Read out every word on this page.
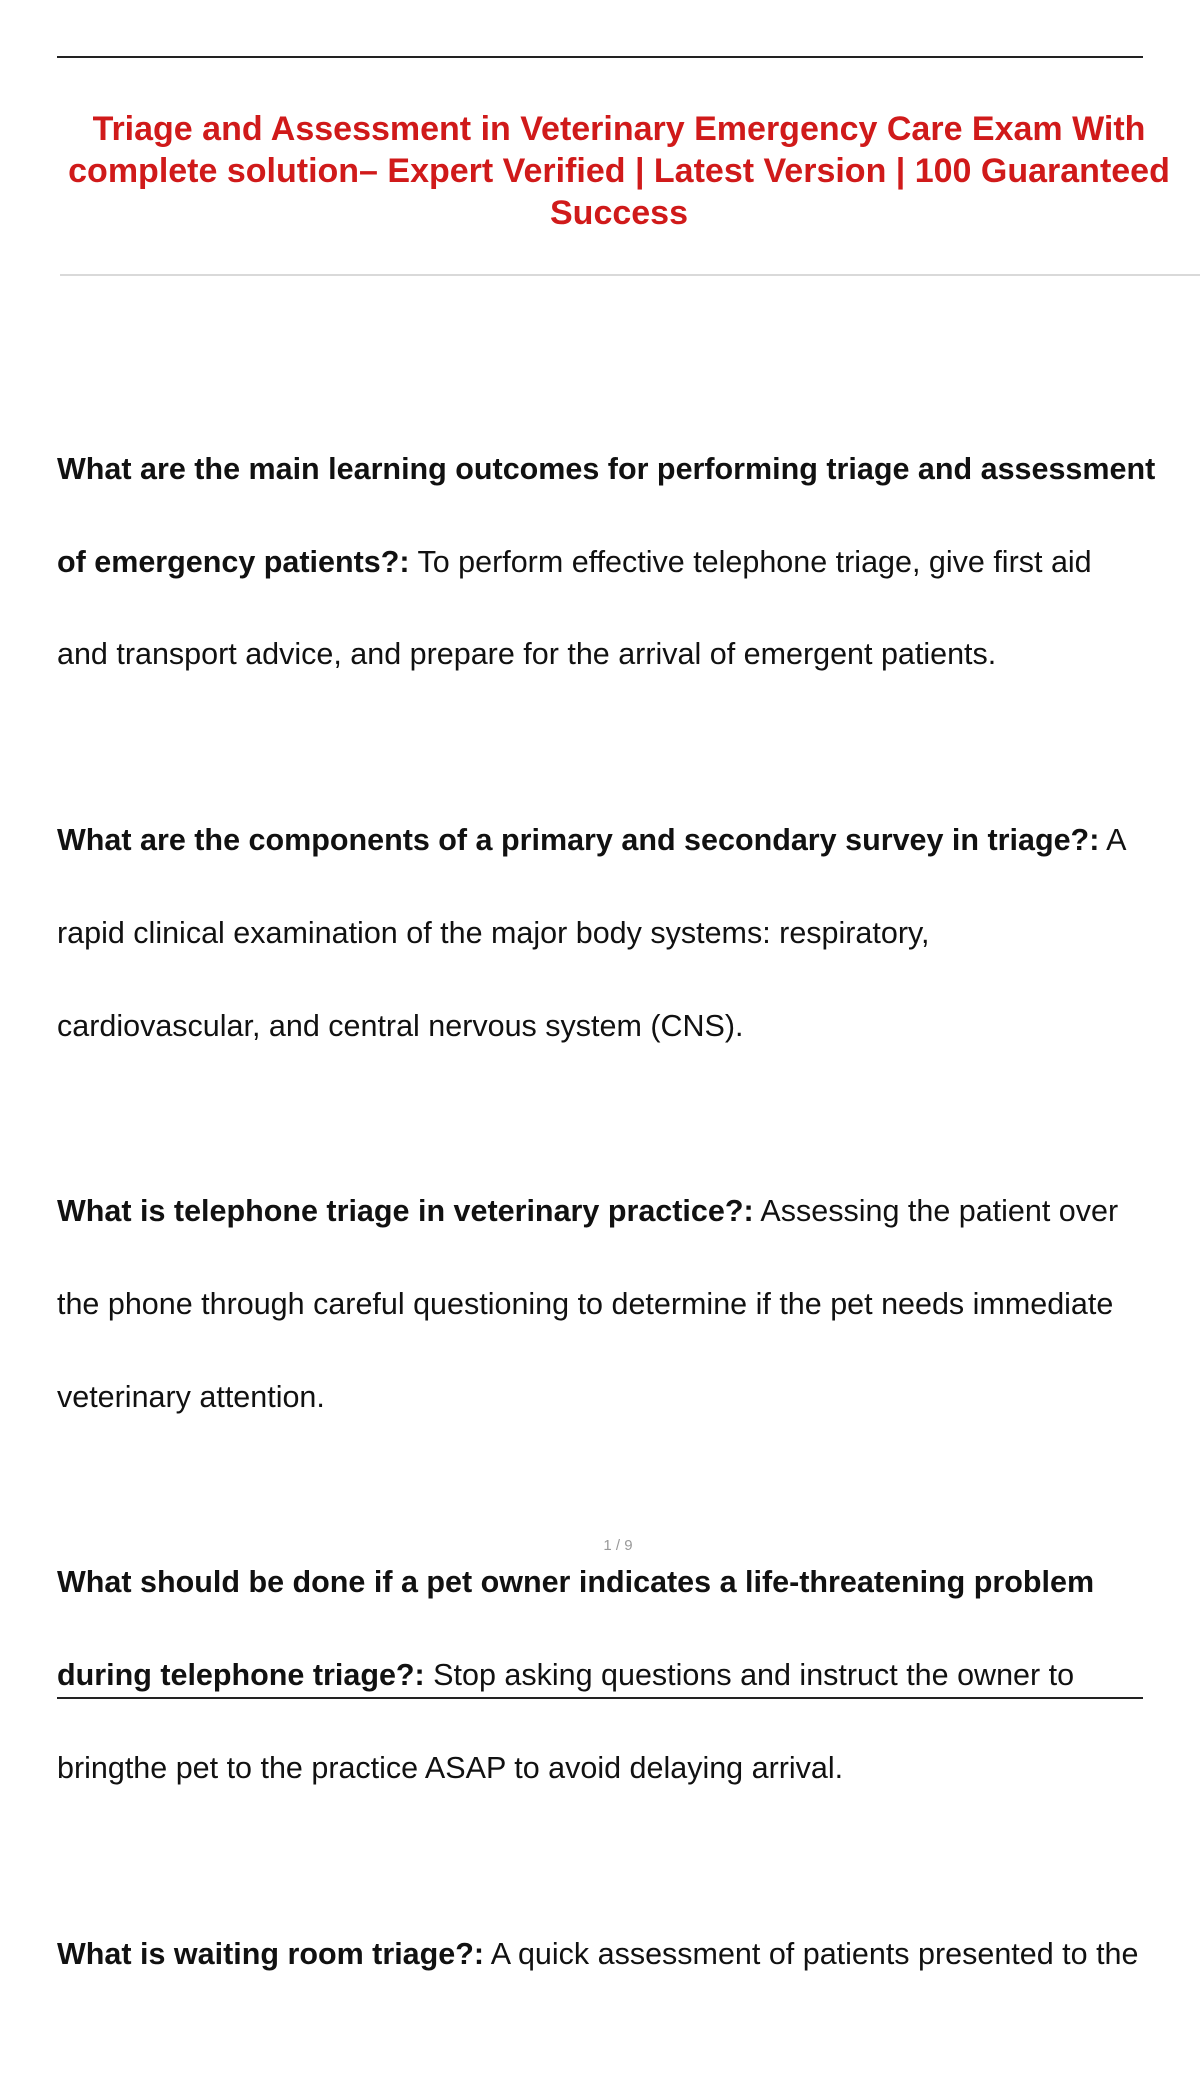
Triage and Assessment in Veterinary Emergency Care Exam With
complete solution– Expert Verified | Latest Version | 100 Guaranteed
Success

What are the main learning outcomes for performing triage and assessment
of emergency patients?: To perform effective telephone triage, give first aid
and transport advice, and prepare for the arrival of emergent patients.

What are the components of a primary and secondary survey in triage?: A
rapid clinical examination of the major body systems: respiratory,
cardiovascular, and central nervous system (CNS).

What is telephone triage in veterinary practice?: Assessing the patient over
the phone through careful questioning to determine if the pet needs immediate
veterinary attention.

What should be done if a pet owner indicates a life-threatening problem
during telephone triage?: Stop asking questions and instruct the owner to
bringthe pet to the practice ASAP to avoid delaying arrival.

What is waiting room triage?: A quick assessment of patients presented to the

1 / 9
